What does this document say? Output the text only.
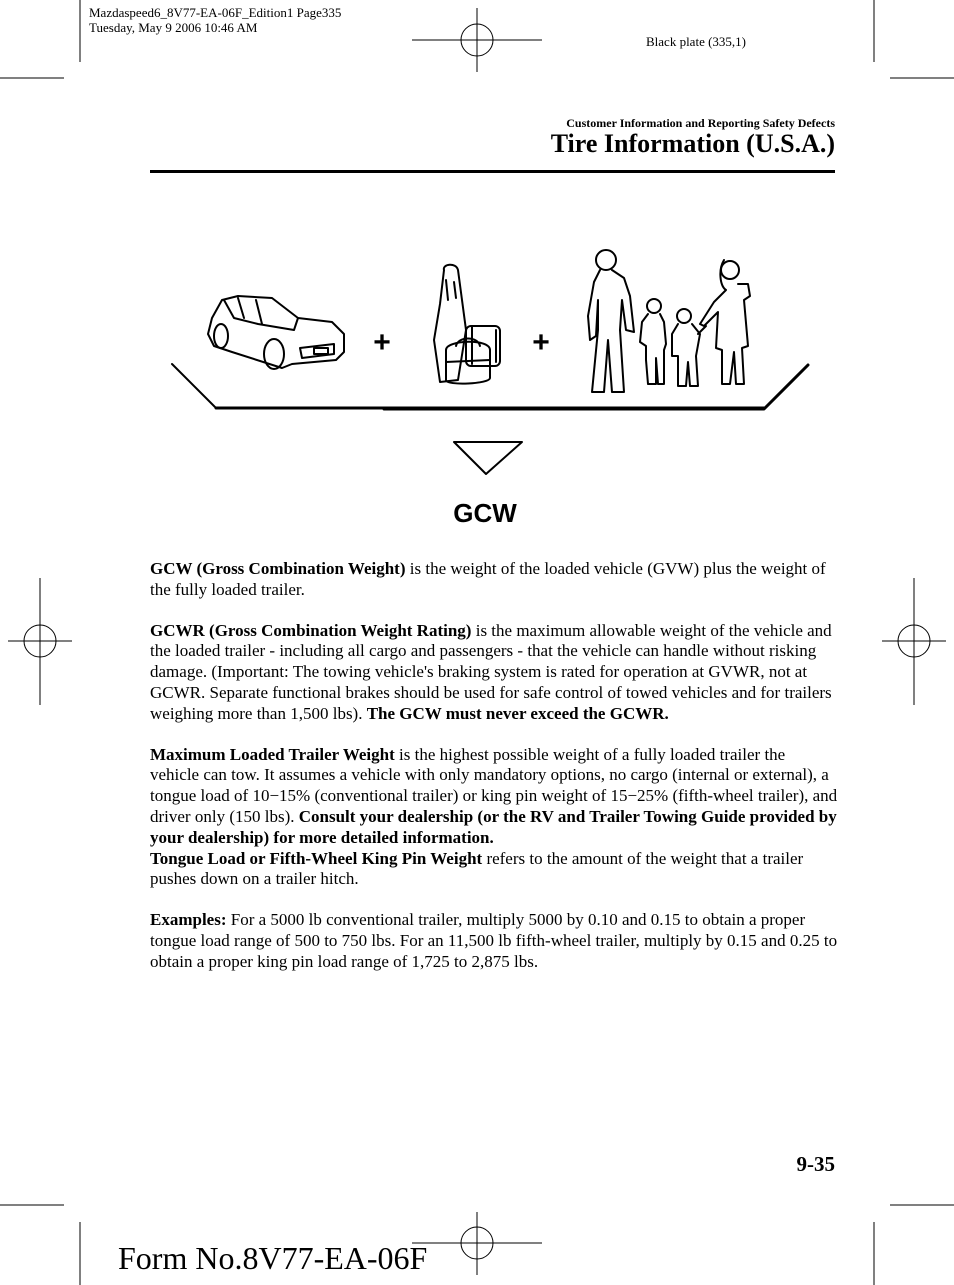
Mazdaspeed6_8V77-EA-06F_Edition1 Page335
Tuesday, May 9 2006 10:46 AM
Black plate (335,1)
Customer Information and Reporting Safety Defects
Tire Information (U.S.A.)
+	+
GCW

GCW (Gross Combination Weight) is the weight of the loaded vehicle (GVW) plus the weight of the fully loaded trailer.

GCWR (Gross Combination Weight Rating) is the maximum allowable weight of the vehicle and the loaded trailer - including all cargo and passengers - that the vehicle can handle without risking damage. (Important: The towing vehicle's braking system is rated for operation at GVWR, not at GCWR. Separate functional brakes should be used for safe control of towed vehicles and for trailers weighing more than 1,500 lbs). The GCW must never exceed the GCWR.

Maximum Loaded Trailer Weight is the highest possible weight of a fully loaded trailer the vehicle can tow. It assumes a vehicle with only mandatory options, no cargo (internal or external), a tongue load of 10−15% (conventional trailer) or king pin weight of 15−25% (fifth-wheel trailer), and driver only (150 lbs). Consult your dealership (or the RV and Trailer Towing Guide provided by your dealership) for more detailed information.
Tongue Load or Fifth-Wheel King Pin Weight refers to the amount of the weight that a trailer pushes down on a trailer hitch.

Examples: For a 5000 lb conventional trailer, multiply 5000 by 0.10 and 0.15 to obtain a proper tongue load range of 500 to 750 lbs. For an 11,500 lb fifth-wheel trailer, multiply by 0.15 and 0.25 to obtain a proper king pin load range of 1,725 to 2,875 lbs.

9-35
Form No.8V77-EA-06F
